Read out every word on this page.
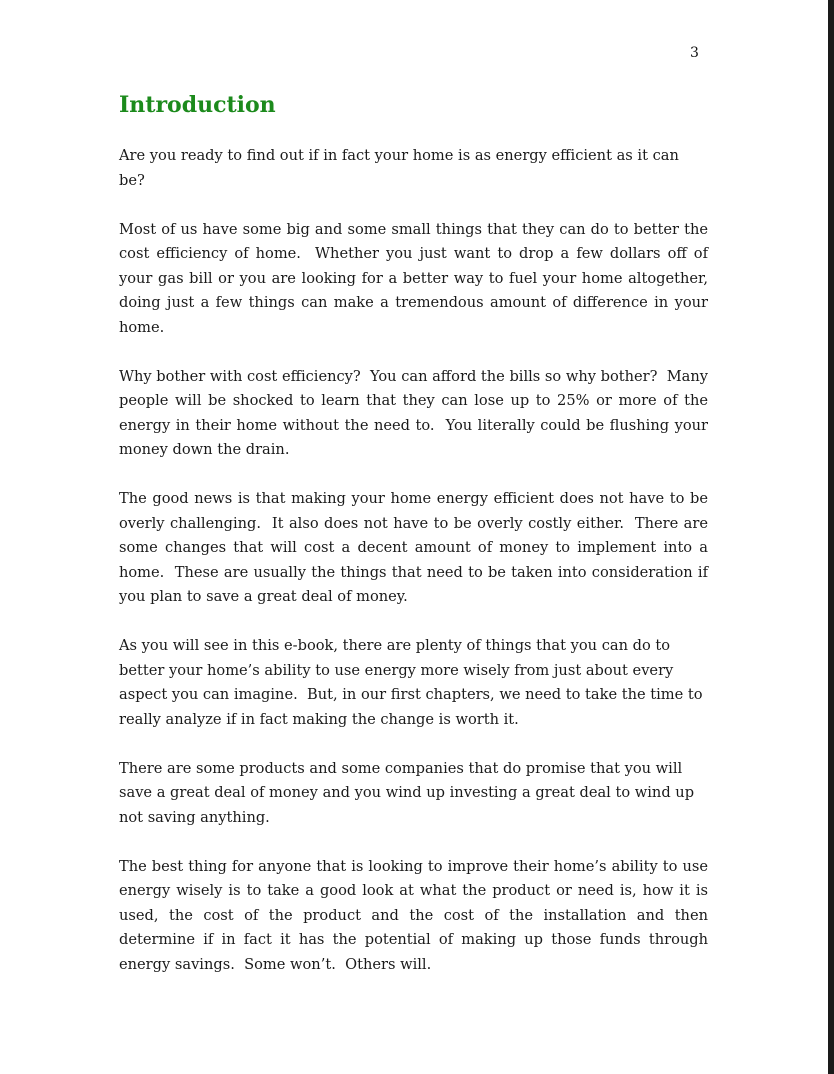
3
Introduction

Are you ready to find out if in fact your home is as energy efficient as it can be?

Most of us have some big and some small things that they can do to better the cost efficiency of home.  Whether you just want to drop a few dollars off of your gas bill or you are looking for a better way to fuel your home altogether, doing just a few things can make a tremendous amount of difference in your home.

Why bother with cost efficiency?  You can afford the bills so why bother?  Many people will be shocked to learn that they can lose up to 25% or more of the energy in their home without the need to.  You literally could be flushing your money down the drain.

The good news is that making your home energy efficient does not have to be overly challenging.  It also does not have to be overly costly either.  There are some changes that will cost a decent amount of money to implement into a home.  These are usually the things that need to be taken into consideration if you plan to save a great deal of money.

As you will see in this e-book, there are plenty of things that you can do to better your home’s ability to use energy more wisely from just about every aspect you can imagine.  But, in our first chapters, we need to take the time to really analyze if in fact making the change is worth it.

There are some products and some companies that do promise that you will save a great deal of money and you wind up investing a great deal to wind up not saving anything.

The best thing for anyone that is looking to improve their home’s ability to use energy wisely is to take a good look at what the product or need is, how it is used, the cost of the product and the cost of the installation and then determine if in fact it has the potential of making up those funds through energy savings.  Some won’t.  Others will.
